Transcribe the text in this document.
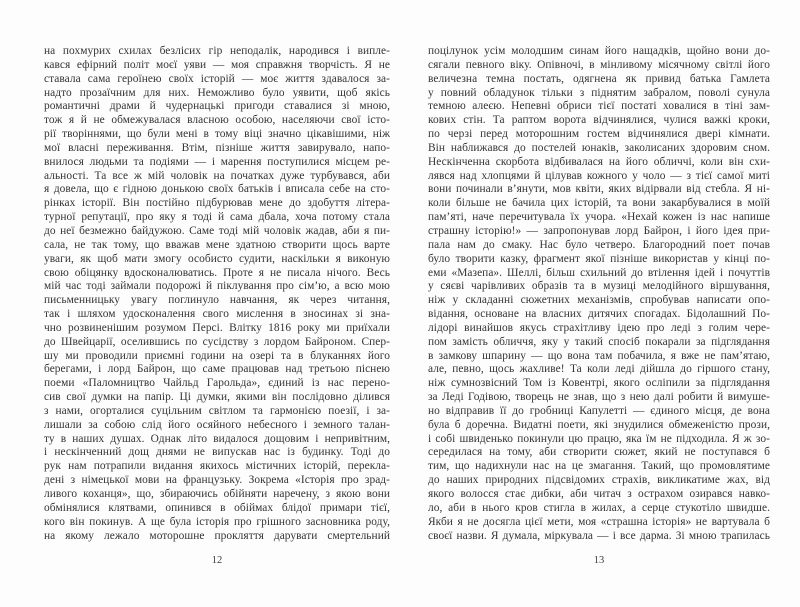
на похмурих схилах безлісих гір неподалік, народився і випле-
кався ефірний політ моєї уяви — моя справжня творчість. Я не
ставала сама героїнею своїх історій — моє життя здавалося за-
надто прозаїчним для них. Неможливо було уявити, щоб якісь
романтичні драми й чудернацькі пригоди ставалися зі мною,
тож я й не обмежувалася власною особою, населяючи свої істо-
рії творіннями, що були мені в тому віці значно цікавішими, ніж
мої власні переживання. Втім, пізніше життя завирувало, напо-
внилося людьми та подіями — і марення поступилися місцем ре-
альності. Та все ж мій чоловік на початках дуже турбувався, аби
я довела, що є гідною донькою своїх батьків і вписала себе на сто-
рінках історії. Він постійно підбурював мене до здобуття літера-
турної репутації, про яку я тоді й сама дбала, хоча потому стала
до неї безмежно байдужою. Саме тоді мій чоловік жадав, аби я пи-
сала, не так тому, що вважав мене здатною створити щось варте
уваги, як щоб мати змогу особисто судити, наскільки я виконую
свою обіцянку вдосконалюватись. Проте я не писала нічого. Весь
мій час тоді займали подорожі й піклування про сім’ю, а всю мою
письменницьку увагу поглинуло навчання, як через читання,
так і шляхом удосконалення свого мислення в зносинах зі зна-
чно розвиненішим розумом Персі. Влітку 1816 року ми приїхали
до Швейцарії, оселившись по сусідству з лордом Байроном. Спер-
шу ми проводили приємні години на озері та в блуканнях його
берегами, і лорд Байрон, що саме працював над третьою піснею
поеми «Паломництво Чайльд Гарольда», єдиний із нас перено-
сив свої думки на папір. Ці думки, якими він послідовно ділився
з нами, огорталися суцільним світлом та гармонією поезії, і за-
лишали за собою слід його осяйного небесного і земного талан-
ту в наших душах. Однак літо видалося дощовим і непривітним,
і нескінченний дощ днями не випускав нас із будинку. Тоді до
рук нам потрапили видання якихось містичних історій, перекла-
дені з німецької мови на французьку. Зокрема «Історія про зрад-
ливого коханця», що, збираючись обійняти наречену, з якою вони
обмінялися клятвами, опинився в обіймах блідої примари тієї,
кого він покинув. А ще була історія про грішного засновника роду,
на якому лежало моторошне прокляття дарувати смертельний
12
поцілунок усім молодшим синам його нащадків, щойно вони до-
сягали певного віку. Опівночі, в мінливому місячному світлі його
величезна темна постать, одягнена як привид батька Гамлета
у повний обладунок тільки з піднятим забралом, поволі сунула
темною алеєю. Непевні обриси тієї постаті ховалися в тіні зам-
кових стін. Та раптом ворота відчинялися, чулися важкі кроки,
по черзі перед моторошним гостем відчинялися двері кімнати.
Він наближався до постелей юнаків, заколисаних здоровим сном.
Нескінченна скорбота відбивалася на його обличчі, коли він схи-
лявся над хлопцями й цілував кожного у чоло — з тієї самої миті
вони починали в’янути, мов квіти, яких відірвали від стебла. Я ні-
коли більше не бачила цих історій, та вони закарбувалися в моїй
пам’яті, наче перечитувала їх учора. «Нехай кожен із нас напише
страшну історію!» — запропонував лорд Байрон, і його ідея при-
пала нам до смаку. Нас було четверо. Благородний поет почав
було творити казку, фрагмент якої пізніше використав у кінці по-
еми «Мазепа». Шеллі, більш схильний до втілення ідей і почуттів
у сяєві чарівливих образів та в музиці мелодійного віршування,
ніж у складанні сюжетних механізмів, спробував написати опо-
відання, основане на власних дитячих спогадах. Бідолашний По-
лідорі винайшов якусь страхітливу ідею про леді з голим чере-
пом замість обличчя, яку у такий спосіб покарали за підглядання
в замкову шпарину — що вона там побачила, я вже не пам’ятаю,
але, певно, щось жахливе! Та коли леді дійшла до гіршого стану,
ніж сумнозвісний Том із Ковентрі, якого осліпили за підглядання
за Леді Годівою, творець не знав, що з нею далі робити й вимуше-
но відправив її до гробниці Капулетті — єдиного місця, де вона
була б доречна. Видатні поети, які знудилися обмеженістю прози,
і собі швиденько покинули цю працю, яка їм не підходила. Я ж зо-
середилася на тому, аби створити сюжет, який не поступався б
тим, що надихнули нас на це змагання. Такий, що промовлятиме
до наших природних підсвідомих страхів, викликатиме жах, від
якого волосся стає дибки, аби читач з острахом озирався навко-
ло, аби в нього кров стигла в жилах, а серце стукотіло швидше.
Якби я не досягла цієї мети, моя «страшна історія» не вартувала б
своєї назви. Я думала, міркувала — і все дарма. Зі мною трапилась
13
